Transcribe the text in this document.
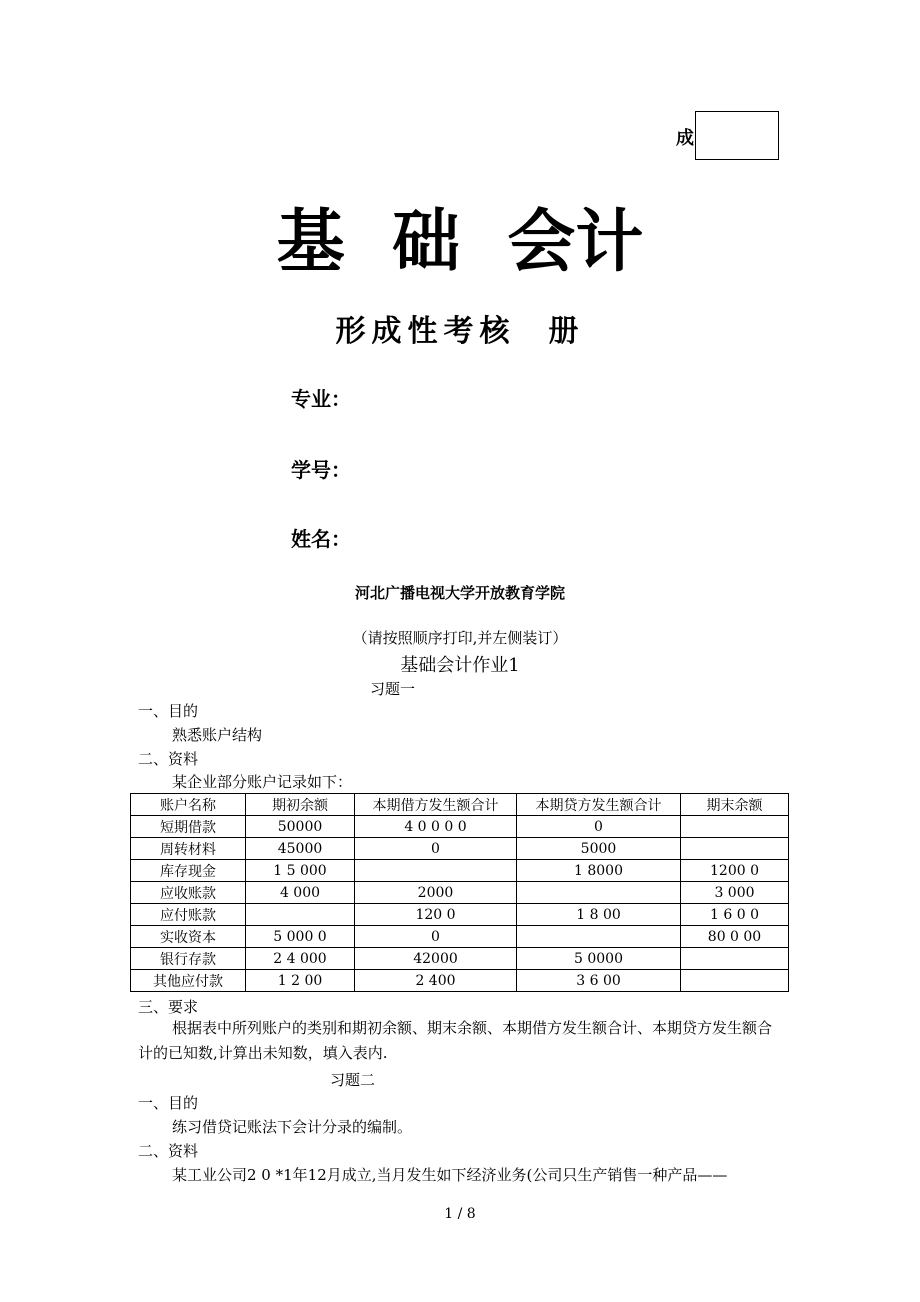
成
基  础  会计
形成性考核  册
专业：
学号：
姓名：
河北广播电视大学开放教育学院
（请按照顺序打印,并左侧装订）
基础会计作业1
习题一
一、目的
熟悉账户结构
二、资料
某企业部分账户记录如下：
账户名称	期初余额	本期借方发生额合计	本期贷方发生额合计	期末余额
短期借款	50000	4 0 0 0 0	0	
周转材料	45000	0	5000	
库存现金	1 5 000		1 8000	1200 0
应收账款	4 000	2000		3 000
应付账款		120 0	1 8 00	1 6 0 0
实收资本	5 000 0	0		80 0 00
银行存款	2 4 000	42000	5 0000	
其他应付款	1 2 00	2 400	3 6 00	
三、要求
根据表中所列账户的类别和期初余额、期末余额、本期借方发生额合计、本期贷方发生额合计的已知数,计算出未知数，填入表内.
习题二
一、目的
练习借贷记账法下会计分录的编制。
二、资料
某工业公司2 0 *1年12月成立,当月发生如下经济业务(公司只生产销售一种产品——
1 / 8
